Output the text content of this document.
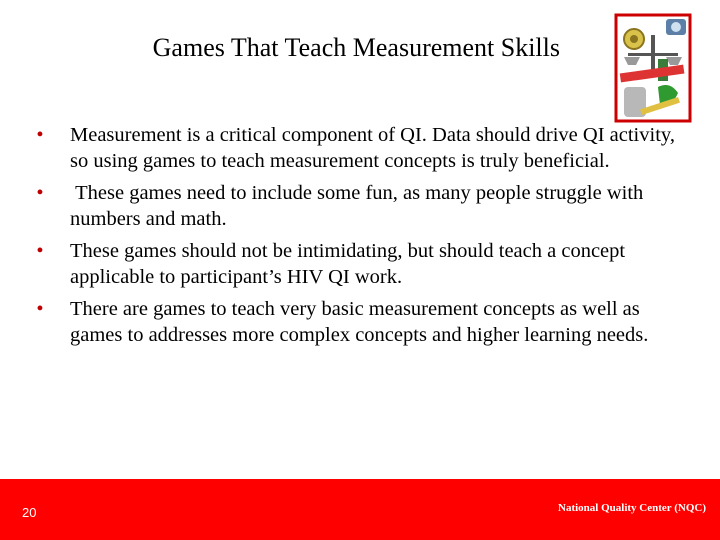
Games That Teach Measurement Skills
•	Measurement is a critical component of QI. Data should drive QI activity, so using games to teach measurement concepts is truly beneficial.
•	These games need to include some fun, as many people struggle with numbers and math.
•	These games should not be intimidating, but should teach a concept applicable to participant’s HIV QI work.
•	There are games to teach very basic measurement concepts as well as games to addresses more complex concepts and higher learning needs.
20	National Quality Center (NQC)
